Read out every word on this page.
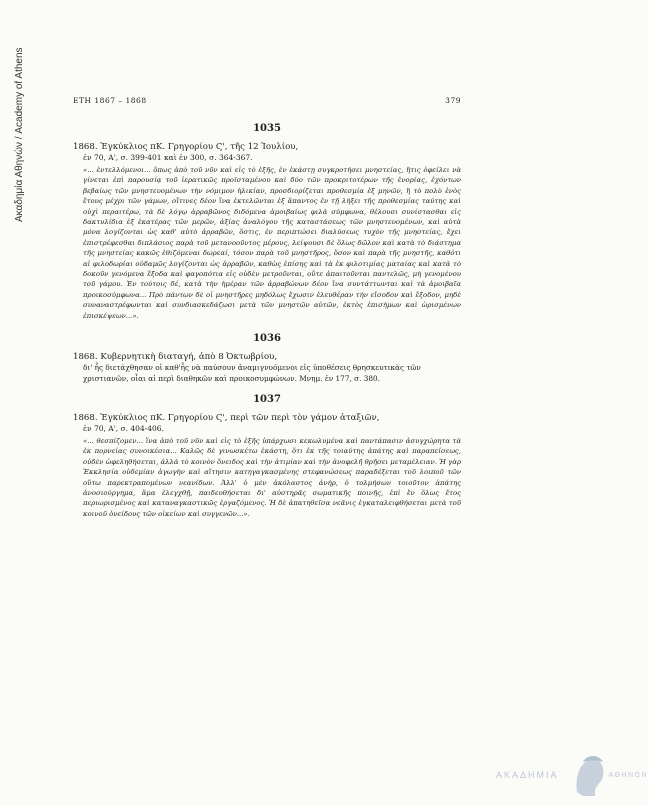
Ακαδημία Αθηνών / Academy of Athens	ΕΤΗ 1867 – 1868	379
1035
1868. Ἐγκύκλιος πΚ. Γρηγορίου Ϛ', τῆς 12 Ἰουλίου,
ἐν 70, Α', σ. 399-401 καὶ ἐν 300, σ. 364-367.
«... ἐντελλόμενοι... ὅπως ἀπὸ τοῦ νῦν καὶ εἰς τὸ ἑξῆς, ἐν ἑκάστῃ συγκροτήσει μνηστείας, ἥτις ὀφείλει νὰ γίνεται ἐπὶ παρουσίᾳ τοῦ ἱερατικῶς προϊσταμένου καὶ δύο τῶν προκριτοτέρων τῆς ἐνορίας, ἐχόντων βεβαίως τῶν μνηστευομένων τὴν νόμιμον ἡλικίαν, προσδιορίζεται προθεσμία ἐξ μηνῶν, ἢ τὸ πολὺ ἑνὸς ἔτους μέχρι τῶν γάμων, οἵτινες δέον ἵνα ἐκτελῶνται ἐξ ἅπαντος ἐν τῇ λήξει τῆς προθεσμίας ταύτης καὶ οὐχὶ περαιτέρω, τὰ δὲ λόγῳ ἀρραβῶνος διδόμενα ἀμοιβαίως φιλὰ σύμφωνα, θέλουσι συνίστασθαι εἰς δακτυλίδια ἐξ ἑκατέρας τῶν μερῶν, ἀξίας ἀναλόγου τῆς καταστάσεως τῶν μνηστευομένων, καὶ αὐτὰ μόνα λογίζονται ὡς καθ' αὐτὸ ἀρραβῶν, ὅστις, ἐν περιπτώσει διαλύσεως τυχὸν τῆς μνηστείας, ἔχει ἐπιστρέφεσθαι διπλάσιος παρὰ τοῦ μετανοοῦντος μέρους, λείψουσι δὲ ὅλως δῶλον καὶ κατὰ τὸ διάστημα τῆς μνηστείας κακῶς ἐθιζόμεναι δωρεαί, τόσον παρὰ τοῦ μνηστῆρος, ὅσον καὶ παρὰ τῆς μνηστῆς, καθότι αἱ φιλοδωρίαι οὐδαμῶς λογίζονται ὡς ἀρραβῶν, καθὼς ἐπίσης καὶ τὰ ἐκ φιλοτιμίας ματαίας καὶ κατὰ τὸ δοκοῦν γενόμενα ἔξοδα καὶ φαγοπότια εἰς οὐδὲν μετροῦνται, οὔτε ἀπαιτοῦνται παντελῶς, μὴ γενομένου τοῦ γάμου. Ἐν τούτοις δέ, κατὰ τὴν ἡμέραν τῶν ἀρραβώνων δέον ἵνα συντάττωνται καὶ τὰ ἀμοιβαῖα προικοσύμφωνα... Πρὸ πάντων δὲ οἱ μνηστῆρες μηδόλως ἔχωσιν ἐλευθέραν τὴν εἴσοδον καὶ ἔξοδον, μηδὲ συναναστρέφωνται καὶ συνδιασκεδάζωσι μετὰ τῶν μνηστῶν αὐτῶν, ἐκτὸς ἐπισήμων καὶ ὡρισμένων ἐπισκέψεων...».
1036
1868. Κυβερνητικὴ διαταγή, ἀπὸ 8 Ὀκτωβρίου,
δι' ἧς διετάχθησαν οἱ καθ'ἧς νὰ παύσουν ἀναμιγνυόμενοι εἰς ὑποθέσεις θρησκευτικὰς τῶν χριστιανῶν, οἷαι αἱ περὶ διαθηκῶν καὶ προικοσυμφώνων. Μνημ. ἐν 177, σ. 380.
1037
1868. Ἐγκύκλιος πΚ. Γρηγορίου Ϛ', περὶ τῶν περὶ τὸν γάμον ἀταξιῶν,
ἐν 70, Α', σ. 404-406.
«... θεσπίζομεν... ἵνα ἀπὸ τοῦ νῦν καὶ εἰς τὸ ἑξῆς ὑπάρχωσι κεκωλυμένα καὶ παντάπασιν ἀσυγχώρητα τὰ ἐκ πορνείας συνοικέσια... Καλῶς δὲ γινωσκέτω ἑκάστη, ὅτι ἐκ τῆς τοιαύτης ἀπάτης καὶ παραπείσεως, οὐδὲν ὠφεληθήσεται, ἀλλὰ τὸ κοινὸν ὄνειδος καὶ τὴν ἀτιμίαν καὶ τὴν ἀνοφελῆ θρῆσει μεταμέλειαν. Ἡ γὰρ Ἐκκλησία οὐδεμίαν ἀγωγὴν καὶ αἴτησιν κατηγαγκασμένης στεφανώσεως παραδέξεται τοῦ λοιποῦ τῶν οὕτω παρεκτραπομένων νεανίδων. Ἀλλ' ὁ μὲν ἀκόλαστος ἀνήρ, ὁ τολμήσων τοιοῦτον ἀπάτης ἀνοσιούργημα, ἅμα ἐλεγχθῇ, παιδευθήσεται δι' αὐστηρᾶς σωματικῆς ποινῆς, ἐπὶ ἔν ὅλως ἔτος περιωρισμένος καὶ καταναγκαστικῶς ἐργαζόμενος. Ἡ δὲ ἀπατηθεῖσα νεᾶνις ἐγκαταλειφθήσεται μετὰ τοῦ κοινοῦ ὀνείδους τῶν οἰκείων καὶ συγγενῶν...».
ΑΚΑΔΗΜΙΑ	ΑΘΗΝΩΝ
